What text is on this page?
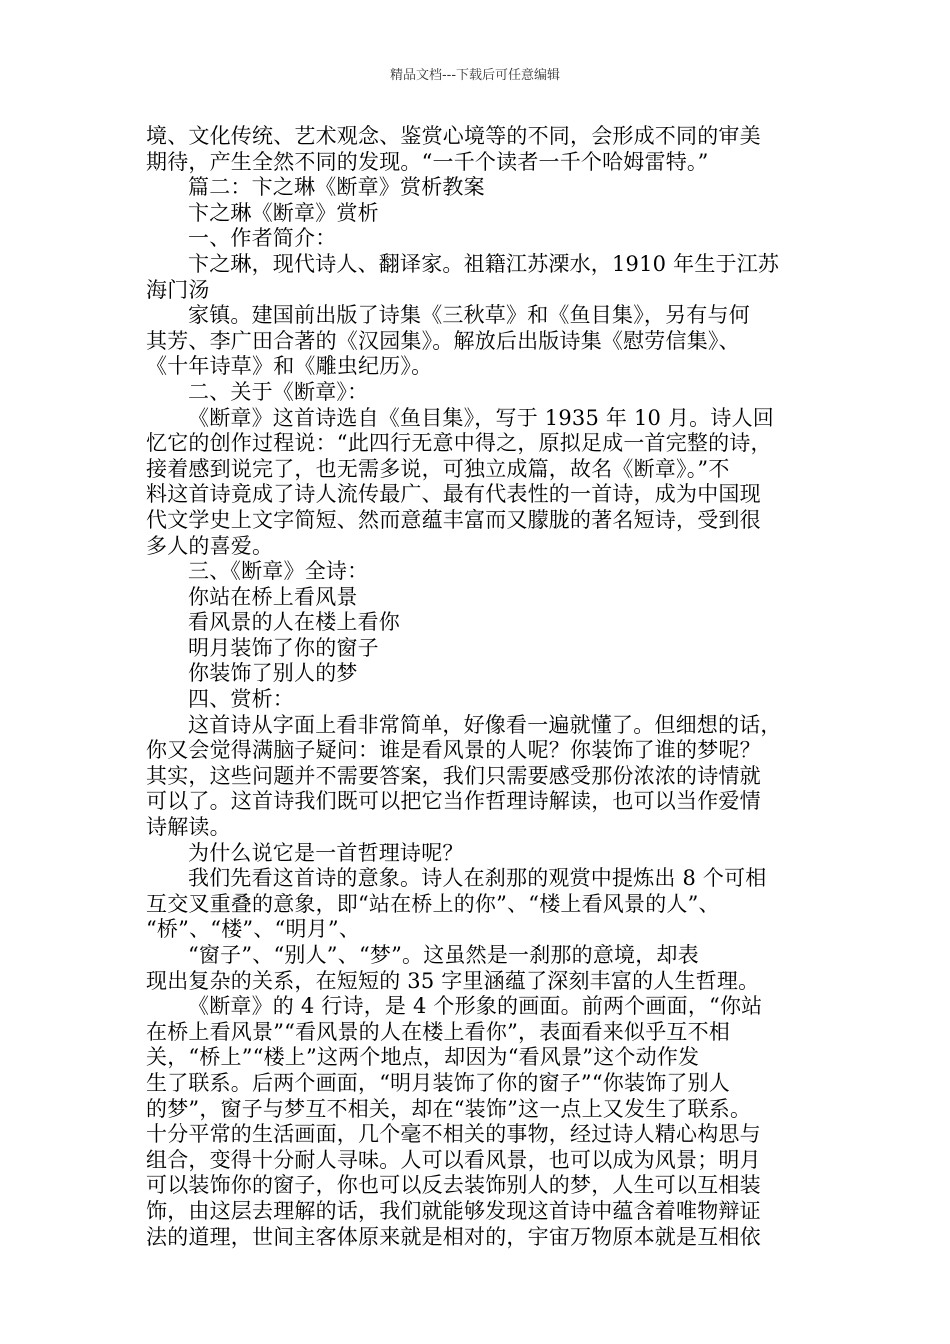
精品文档---下载后可任意编辑
境、文化传统、艺术观念、鉴赏心境等的不同，会形成不同的审美
期待，产生全然不同的发现。“一千个读者一千个哈姆雷特。”
篇二：卞之琳《断章》赏析教案
卞之琳《断章》赏析
一、作者简介：
卞之琳，现代诗人、翻译家。祖籍江苏溧水，1910 年生于江苏
海门汤
家镇。建国前出版了诗集《三秋草》和《鱼目集》，另有与何
其芳、李广田合著的《汉园集》。解放后出版诗集《慰劳信集》、
《十年诗草》和《雕虫纪历》。
二、关于《断章》：
《断章》这首诗选自《鱼目集》，写于 1935 年 10 月。诗人回
忆它的创作过程说：“此四行无意中得之，原拟足成一首完整的诗，
接着感到说完了，也无需多说，可独立成篇，故名《断章》。”不
料这首诗竟成了诗人流传最广、最有代表性的一首诗，成为中国现
代文学史上文字简短、然而意蕴丰富而又朦胧的著名短诗，受到很
多人的喜爱。
三、《断章》全诗：
你站在桥上看风景
看风景的人在楼上看你
明月装饰了你的窗子
你装饰了别人的梦
四、赏析：
这首诗从字面上看非常简单，好像看一遍就懂了。但细想的话，
你又会觉得满脑子疑问：谁是看风景的人呢？你装饰了谁的梦呢？
其实，这些问题并不需要答案，我们只需要感受那份浓浓的诗情就
可以了。这首诗我们既可以把它当作哲理诗解读，也可以当作爱情
诗解读。
为什么说它是一首哲理诗呢？
我们先看这首诗的意象。诗人在刹那的观赏中提炼出 8 个可相
互交叉重叠的意象，即“站在桥上的你”、“楼上看风景的人”、
“桥”、“楼”、“明月”、
“窗子”、“别人”、“梦”。这虽然是一刹那的意境，却表
现出复杂的关系，在短短的 35 字里涵蕴了深刻丰富的人生哲理。
《断章》的 4 行诗，是 4 个形象的画面。前两个画面，“你站
在桥上看风景”“看风景的人在楼上看你”，表面看来似乎互不相
关，“桥上”“楼上”这两个地点，却因为“看风景”这个动作发
生了联系。后两个画面，“明月装饰了你的窗子”“你装饰了别人
的梦”，窗子与梦互不相关，却在“装饰”这一点上又发生了联系。
十分平常的生活画面，几个毫不相关的事物，经过诗人精心构思与
组合，变得十分耐人寻味。人可以看风景，也可以成为风景；明月
可以装饰你的窗子，你也可以反去装饰别人的梦，人生可以互相装
饰，由这层去理解的话，我们就能够发现这首诗中蕴含着唯物辩证
法的道理，世间主客体原来就是相对的，宇宙万物原本就是互相依
